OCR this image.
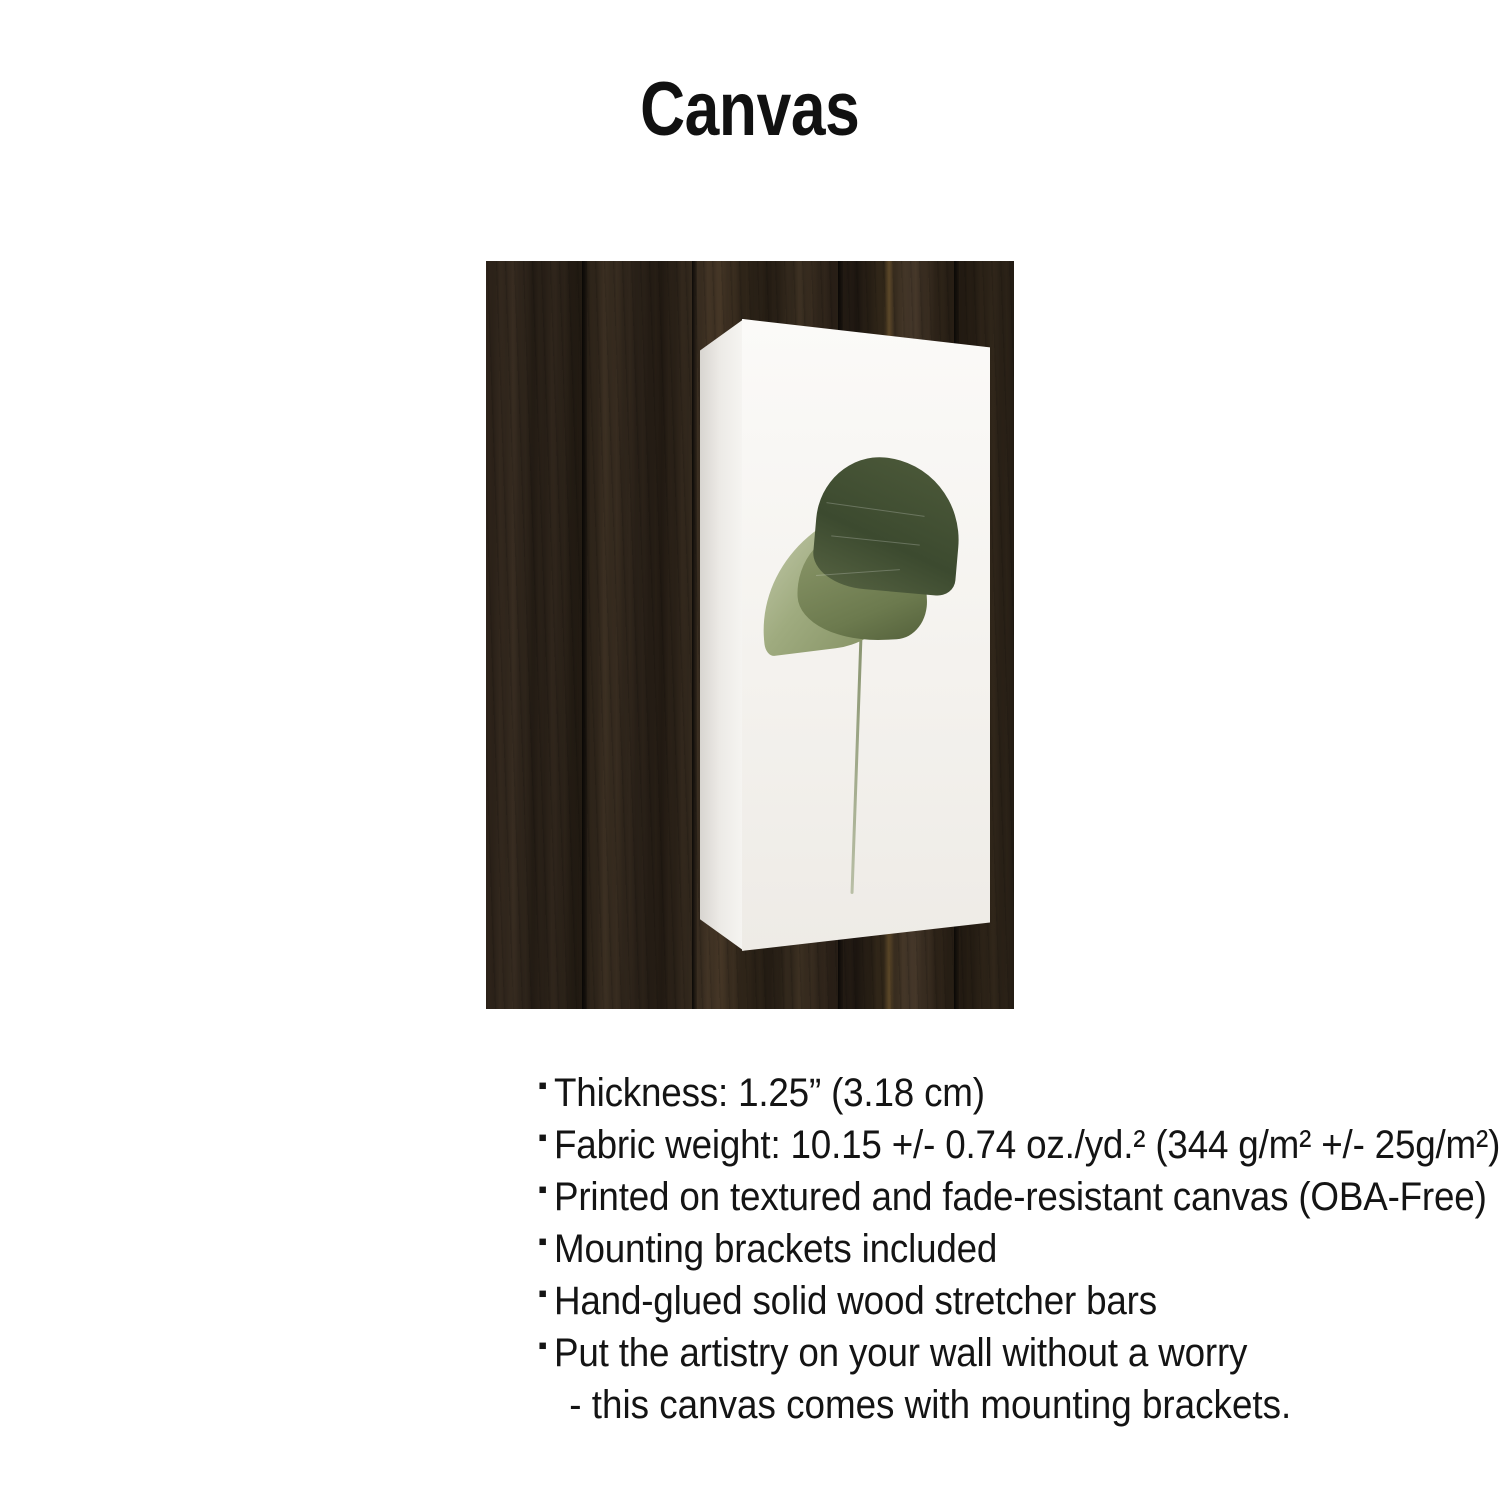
Canvas
▪ Thickness: 1.25” (3.18 cm)
▪ Fabric weight: 10.15 +/- 0.74 oz./yd.² (344 g/m² +/- 25g/m²)
▪ Printed on textured and fade-resistant canvas (OBA-Free)
▪ Mounting brackets included
▪ Hand-glued solid wood stretcher bars
▪ Put the artistry on your wall without a worry
- this canvas comes with mounting brackets.
